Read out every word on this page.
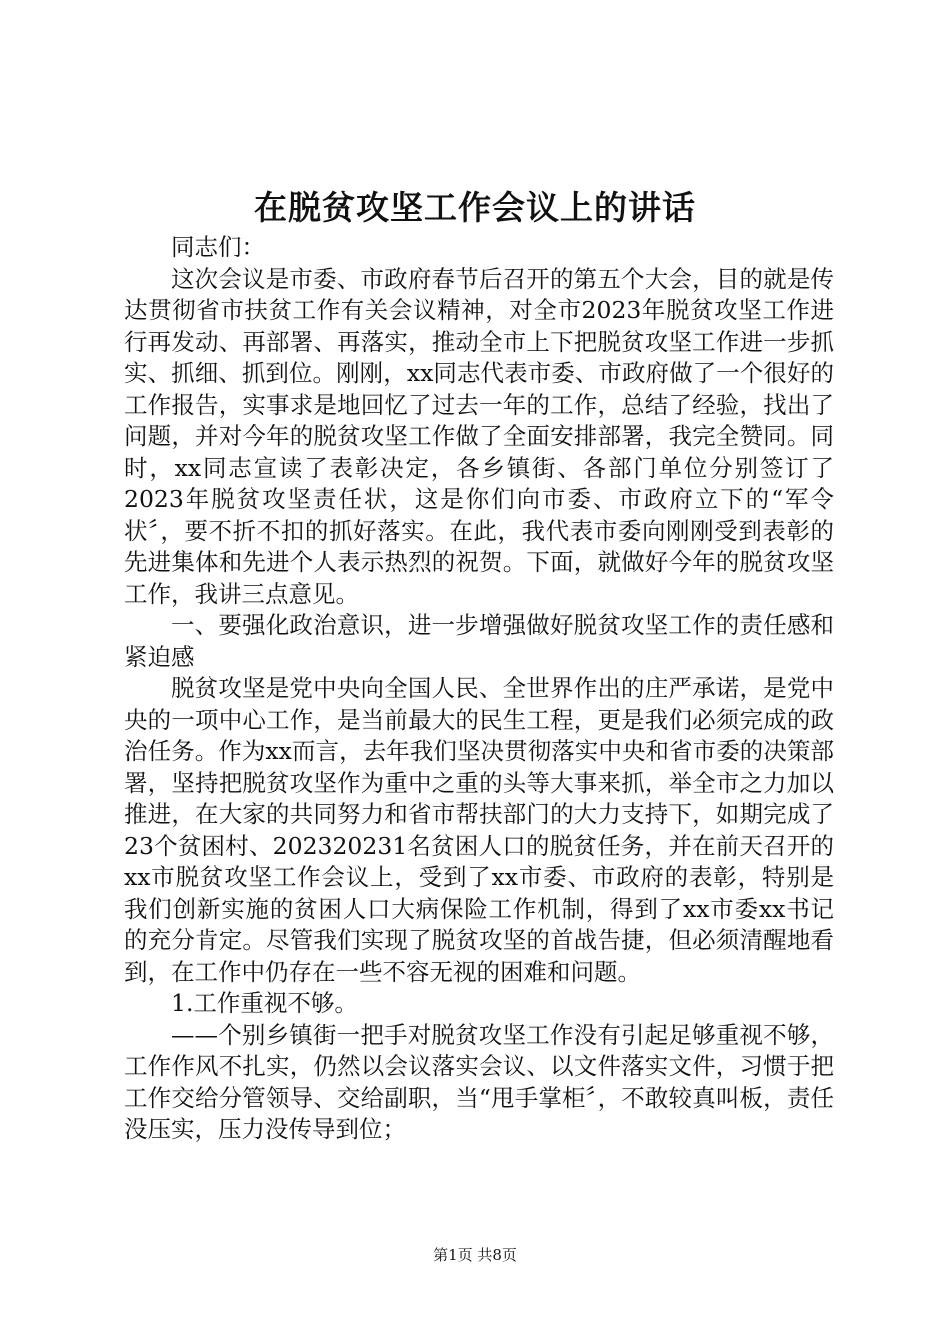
在脱贫攻坚工作会议上的讲话

同志们：

这次会议是市委、市政府春节后召开的第五个大会，目的就是传达贯彻省市扶贫工作有关会议精神，对全市2023年脱贫攻坚工作进行再发动、再部署、再落实，推动全市上下把脱贫攻坚工作进一步抓实、抓细、抓到位。刚刚，xx同志代表市委、市政府做了一个很好的工作报告，实事求是地回忆了过去一年的工作，总结了经验，找出了问题，并对今年的脱贫攻坚工作做了全面安排部署，我完全赞同。同时，xx同志宣读了表彰决定，各乡镇街、各部门单位分别签订了2023年脱贫攻坚责任状，这是你们向市委、市政府立下的“军令状〞，要不折不扣的抓好落实。在此，我代表市委向刚刚受到表彰的先进集体和先进个人表示热烈的祝贺。下面，就做好今年的脱贫攻坚工作，我讲三点意见。

一、要强化政治意识，进一步增强做好脱贫攻坚工作的责任感和紧迫感

脱贫攻坚是党中央向全国人民、全世界作出的庄严承诺，是党中央的一项中心工作，是当前最大的民生工程，更是我们必须完成的政治任务。作为xx而言，去年我们坚决贯彻落实中央和省市委的决策部署，坚持把脱贫攻坚作为重中之重的头等大事来抓，举全市之力加以推进，在大家的共同努力和省市帮扶部门的大力支持下，如期完成了23个贫困村、202320231名贫困人口的脱贫任务，并在前天召开的xx市脱贫攻坚工作会议上，受到了xx市委、市政府的表彰，特别是我们创新实施的贫困人口大病保险工作机制，得到了xx市委xx书记的充分肯定。尽管我们实现了脱贫攻坚的首战告捷，但必须清醒地看到，在工作中仍存在一些不容无视的困难和问题。

1.工作重视不够。

——个别乡镇街一把手对脱贫攻坚工作没有引起足够重视不够，工作作风不扎实，仍然以会议落实会议、以文件落实文件，习惯于把工作交给分管领导、交给副职，当“甩手掌柜〞，不敢较真叫板，责任没压实，压力没传导到位；

第1页 共8页
